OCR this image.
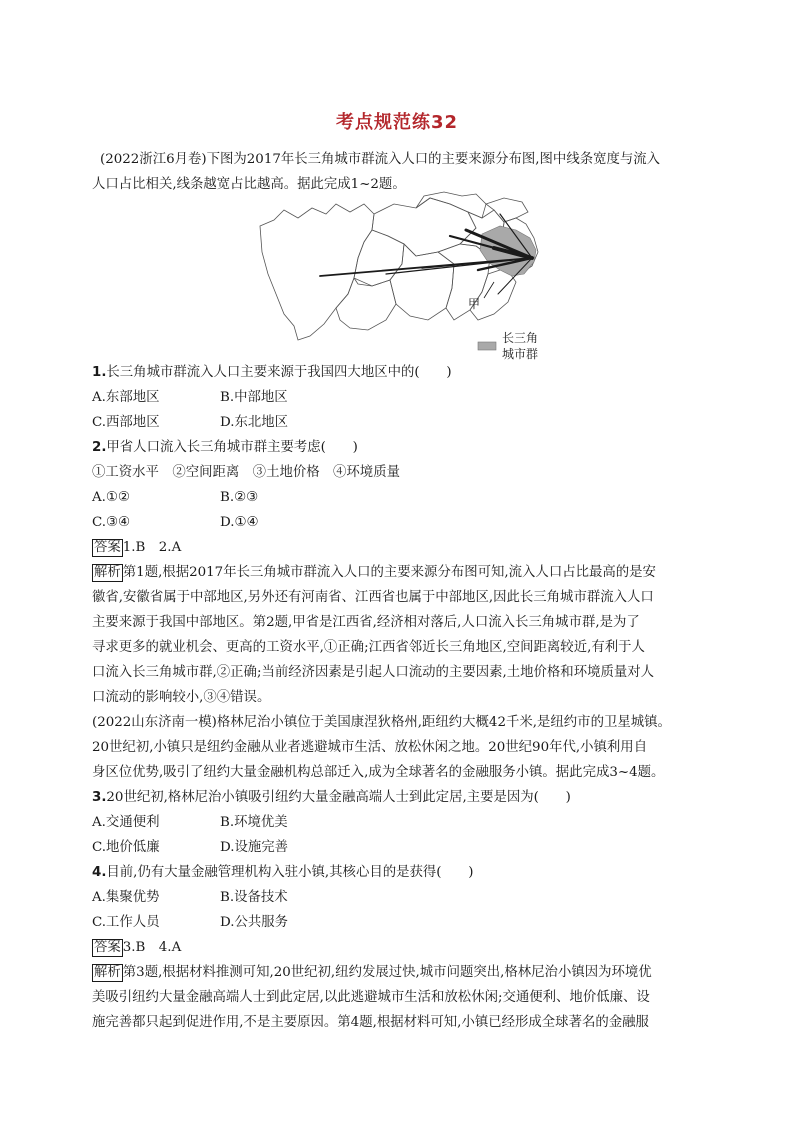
考点规范练32

(2022浙江6月卷)下图为2017年长三角城市群流入人口的主要来源分布图,图中线条宽度与流入

人口占比相关,线条越宽占比越高。据此完成1~2题。

甲
长三角
城市群

1.长三角城市群流入人口主要来源于我国四大地区中的(　　)

A.东部地区	B.中部地区
C.西部地区	D.东北地区

2.甲省人口流入长三角城市群主要考虑(　　)

①工资水平　②空间距离　③土地价格　④环境质量

A.①②	B.②③
C.③④	D.①④

答案 1.B　2.A

解析 第1题,根据2017年长三角城市群流入人口的主要来源分布图可知,流入人口占比最高的是安

徽省,安徽省属于中部地区,另外还有河南省、江西省也属于中部地区,因此长三角城市群流入人口

主要来源于我国中部地区。第2题,甲省是江西省,经济相对落后,人口流入长三角城市群,是为了

寻求更多的就业机会、更高的工资水平,①正确;江西省邻近长三角地区,空间距离较近,有利于人

口流入长三角城市群,②正确;当前经济因素是引起人口流动的主要因素,土地价格和环境质量对人

口流动的影响较小,③④错误。

(2022山东济南一模)格林尼治小镇位于美国康涅狄格州,距纽约大概42千米,是纽约市的卫星城镇。

20世纪初,小镇只是纽约金融从业者逃避城市生活、放松休闲之地。20世纪90年代,小镇利用自

身区位优势,吸引了纽约大量金融机构总部迁入,成为全球著名的金融服务小镇。据此完成3~4题。

3.20世纪初,格林尼治小镇吸引纽约大量金融高端人士到此定居,主要是因为(　　)

A.交通便利	B.环境优美
C.地价低廉	D.设施完善

4.目前,仍有大量金融管理机构入驻小镇,其核心目的是获得(　　)

A.集聚优势	B.设备技术
C.工作人员	D.公共服务

答案 3.B　4.A

解析 第3题,根据材料推测可知,20世纪初,纽约发展过快,城市问题突出,格林尼治小镇因为环境优

美吸引纽约大量金融高端人士到此定居,以此逃避城市生活和放松休闲;交通便利、地价低廉、设

施完善都只起到促进作用,不是主要原因。第4题,根据材料可知,小镇已经形成全球著名的金融服
